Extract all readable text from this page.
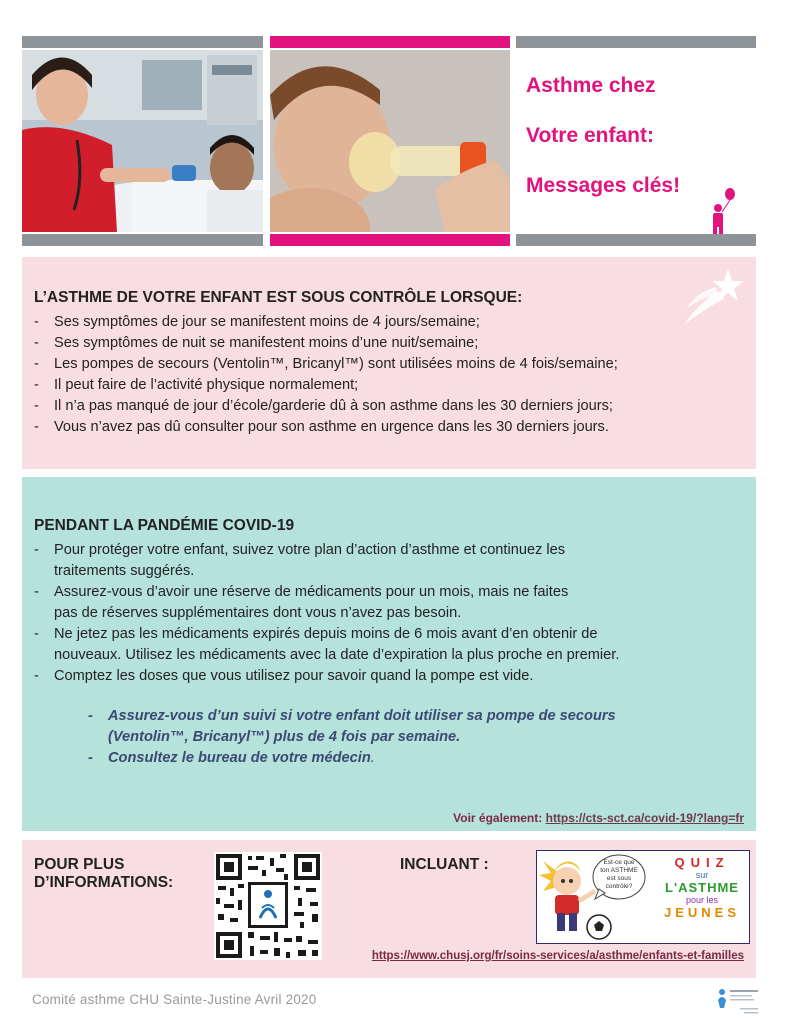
Asthme chez
Votre enfant:
Messages clés!
L’ASTHME DE VOTRE ENFANT EST SOUS CONTRÔLE LORSQUE:
- Ses symptômes de jour se manifestent moins de 4 jours/semaine;
- Ses symptômes de nuit se manifestent moins d’une nuit/semaine;
- Les pompes de secours (Ventolin™, Bricanyl™) sont utilisées moins de 4 fois/semaine;
- Il peut faire de l’activité physique normalement;
- Il n’a pas manqué de jour d’école/garderie dû à son asthme dans les 30 derniers jours;
- Vous n’avez pas dû consulter pour son asthme en urgence dans les 30 derniers jours.
PENDANT LA PANDÉMIE COVID-19
- Pour protéger votre enfant, suivez votre plan d’action d’asthme et continuez les
traitements suggérés.
- Assurez-vous d’avoir une réserve de médicaments pour un mois, mais ne faites
pas de réserves supplémentaires dont vous n’avez pas besoin.
- Ne jetez pas les médicaments expirés depuis moins de 6 mois avant d’en obtenir de
nouveaux. Utilisez les médicaments avec la date d’expiration la plus proche en premier.
- Comptez les doses que vous utilisez pour savoir quand la pompe est vide.
- Assurez-vous d’un suivi si votre enfant doit utiliser sa pompe de secours
(Ventolin™, Bricanyl™) plus de 4 fois par semaine.
- Consultez le bureau de votre médecin.
Voir également: https://cts-sct.ca/covid-19/?lang=fr
POUR PLUS
D’INFORMATIONS:
INCLUANT :	Est-ce que
ton ASTHME
est sous
contrôle?
QUIZ
sur
L'ASTHME
pour les
JEUNES
https://www.chusj.org/fr/soins-services/a/asthme/enfants-et-familles
Comité asthme CHU Sainte-Justine Avril 2020
